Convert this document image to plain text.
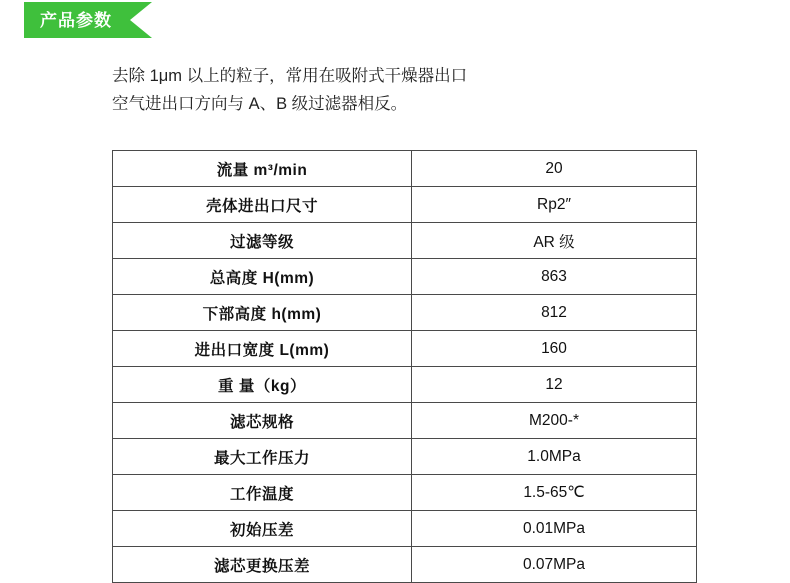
产品参数
去除 1μm 以上的粒子，常用在吸附式干燥器出口
空气进出口方向与 A、B 级过滤器相反。
流量 m³/min	20
壳体进出口尺寸	Rp2″
过滤等级	AR 级
总高度 H(mm)	863
下部高度 h(mm)	812
进出口宽度 L(mm)	160
重 量（kg）	12
滤芯规格	M200-*
最大工作压力	1.0MPa
工作温度	1.5-65℃
初始压差	0.01MPa
滤芯更换压差	0.07MPa
